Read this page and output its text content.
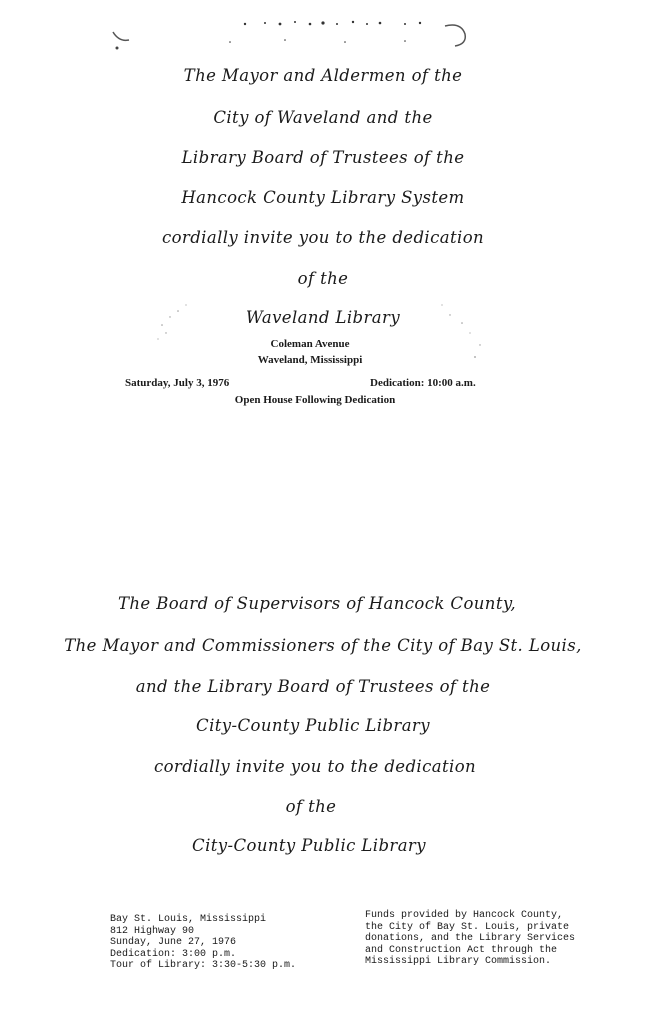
The Mayor and Aldermen of the
City of Waveland and the
Library Board of Trustees of the
Hancock County Library System
cordially invite you to the dedication
of the
Waveland Library
Coleman Avenue
Waveland, Mississippi
Saturday, July 3, 1976	Dedication: 10:00 a.m.
Open House Following Dedication
The Board of Supervisors of Hancock County,
The Mayor and Commissioners of the City of Bay St. Louis,
and the Library Board of Trustees of the
City-County Public Library
cordially invite you to the dedication
of the
City-County Public Library
Bay St. Louis, Mississippi
812 Highway 90
Sunday, June 27, 1976
Dedication: 3:00 p.m.
Tour of Library: 3:30-5:30 p.m.
Funds provided by Hancock County,
the City of Bay St. Louis, private
donations, and the Library Services
and Construction Act through the
Mississippi Library Commission.
